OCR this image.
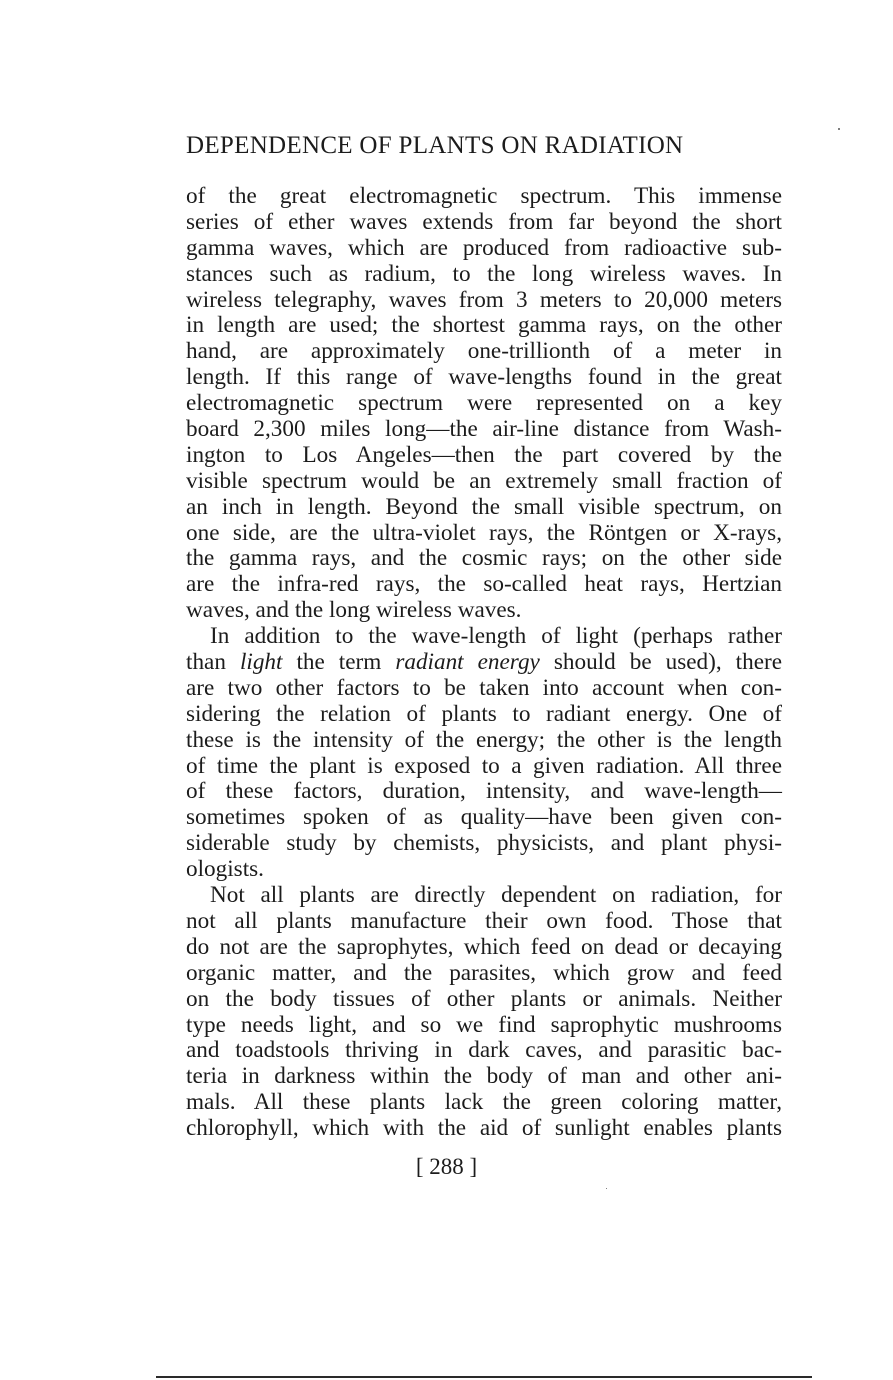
DEPENDENCE OF PLANTS ON RADIATION
of the great electromagnetic spectrum. This immense
series of ether waves extends from far beyond the short
gamma waves, which are produced from radioactive sub-
stances such as radium, to the long wireless waves. In
wireless telegraphy, waves from 3 meters to 20,000 meters
in length are used; the shortest gamma rays, on the other
hand, are approximately one-trillionth of a meter in
length. If this range of wave-lengths found in the great
electromagnetic spectrum were represented on a key
board 2,300 miles long—the air-line distance from Wash-
ington to Los Angeles—then the part covered by the
visible spectrum would be an extremely small fraction of
an inch in length. Beyond the small visible spectrum, on
one side, are the ultra-violet rays, the Röntgen or X-rays,
the gamma rays, and the cosmic rays; on the other side
are the infra-red rays, the so-called heat rays, Hertzian
waves, and the long wireless waves.
In addition to the wave-length of light (perhaps rather
than light the term radiant energy should be used), there
are two other factors to be taken into account when con-
sidering the relation of plants to radiant energy. One of
these is the intensity of the energy; the other is the length
of time the plant is exposed to a given radiation. All three
of these factors, duration, intensity, and wave-length—
sometimes spoken of as quality—have been given con-
siderable study by chemists, physicists, and plant physi-
ologists.
Not all plants are directly dependent on radiation, for
not all plants manufacture their own food. Those that
do not are the saprophytes, which feed on dead or decaying
organic matter, and the parasites, which grow and feed
on the body tissues of other plants or animals. Neither
type needs light, and so we find saprophytic mushrooms
and toadstools thriving in dark caves, and parasitic bac-
teria in darkness within the body of man and other ani-
mals. All these plants lack the green coloring matter,
chlorophyll, which with the aid of sunlight enables plants
[ 288 ]
